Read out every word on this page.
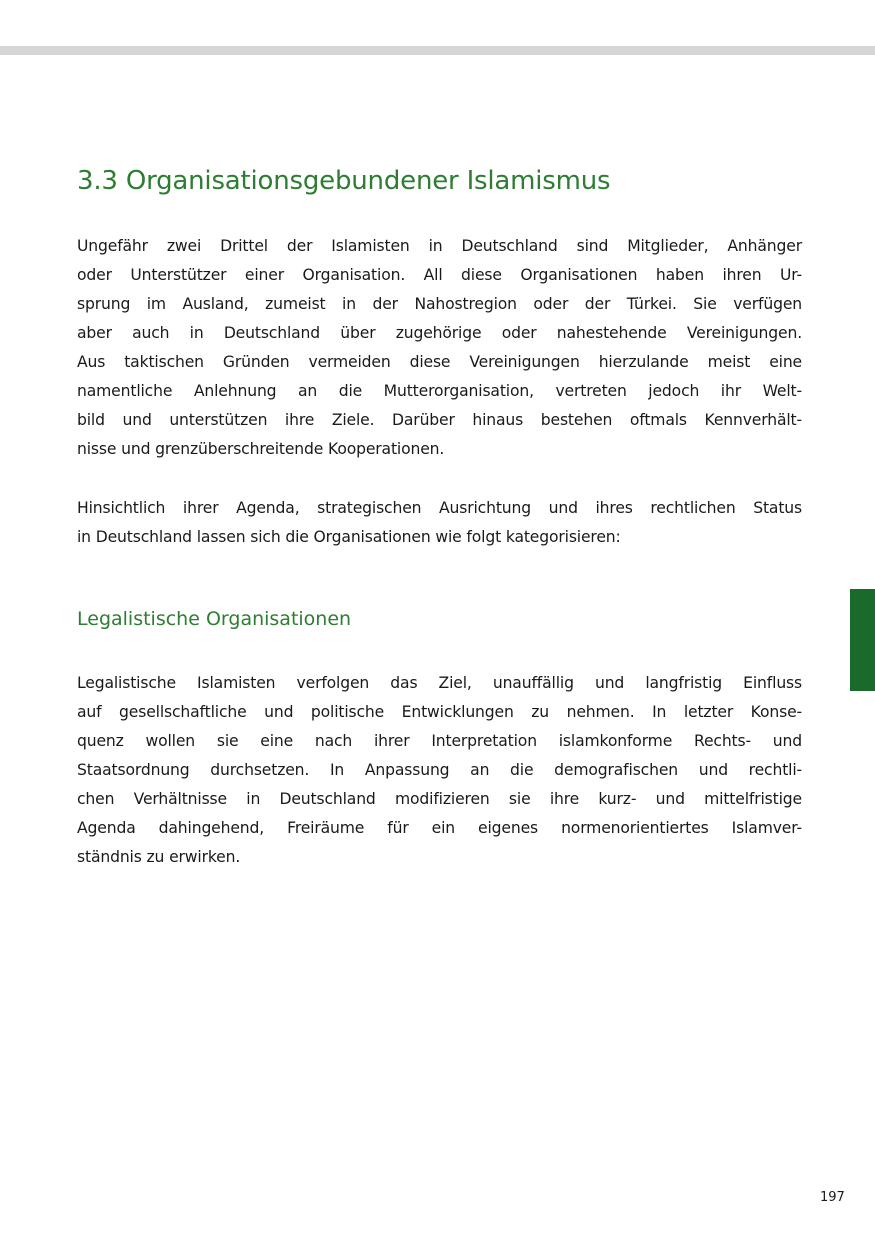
3.3 Organisationsgebundener Islamismus

Ungefähr zwei Drittel der Islamisten in Deutschland sind Mitglieder, Anhänger
oder Unterstützer einer Organisation. All diese Organisationen haben ihren Ur-
sprung im Ausland, zumeist in der Nahostregion oder der Türkei. Sie verfügen
aber auch in Deutschland über zugehörige oder nahestehende Vereinigungen.
Aus taktischen Gründen vermeiden diese Vereinigungen hierzulande meist eine
namentliche Anlehnung an die Mutterorganisation, vertreten jedoch ihr Welt-
bild und unterstützen ihre Ziele. Darüber hinaus bestehen oftmals Kennverhält-
nisse und grenzüberschreitende Kooperationen.

Hinsichtlich ihrer Agenda, strategischen Ausrichtung und ihres rechtlichen Status
in Deutschland lassen sich die Organisationen wie folgt kategorisieren:

Legalistische Organisationen

Legalistische Islamisten verfolgen das Ziel, unauffällig und langfristig Einfluss
auf gesellschaftliche und politische Entwicklungen zu nehmen. In letzter Konse-
quenz wollen sie eine nach ihrer Interpretation islamkonforme Rechts- und
Staatsordnung durchsetzen. In Anpassung an die demografischen und rechtli-
chen Verhältnisse in Deutschland modifizieren sie ihre kurz- und mittelfristige
Agenda dahingehend, Freiräume für ein eigenes normenorientiertes Islamver-
ständnis zu erwirken.

197
